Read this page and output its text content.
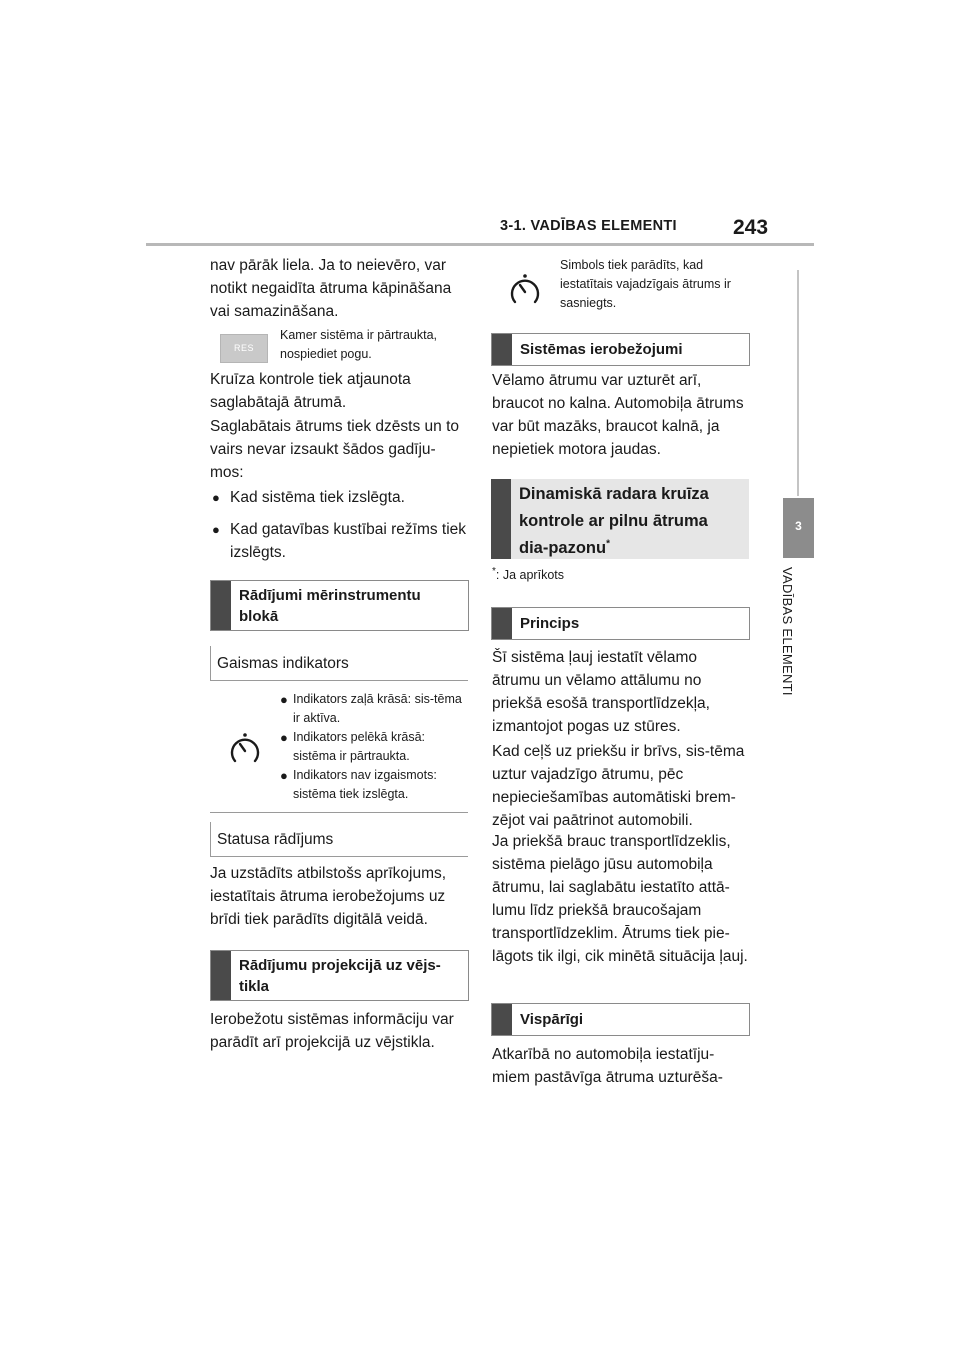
3-1. VADĪBAS ELEMENTI	243
3
VADĪBAS ELEMENTI
nav pārāk liela. Ja to neievēro, var notikt negaidīta ātruma kāpināšana vai samazināšana.
RES
Kamer sistēma ir pārtraukta, nospiediet pogu.
Kruīza kontrole tiek atjaunota saglabātajā ātrumā.
Saglabātais ātrums tiek dzēsts un to vairs nevar izsaukt šādos gadīju-mos:
● Kad sistēma tiek izslēgta.
● Kad gatavības kustībai režīms tiek izslēgts.
Rādījumi mērinstrumentu blokā
Gaismas indikators
● Indikators zaļā krāsā: sis-tēma ir aktīva.
● Indikators pelēkā krāsā: sistēma ir pārtraukta.
● Indikators nav izgaismots: sistēma tiek izslēgta.
Statusa rādījums
Ja uzstādīts atbilstošs aprīkojums, iestatītais ātruma ierobežojums uz brīdi tiek parādīts digitālā veidā.
Rādījumu projekcijā uz vējs-tikla
Ierobežotu sistēmas informāciju var parādīt arī projekcijā uz vējstikla.
Simbols tiek parādīts, kad iestatītais vajadzīgais ātrums ir sasniegts.
Sistēmas ierobežojumi
Vēlamo ātrumu var uzturēt arī, braucot no kalna. Automobiļa ātrums var būt mazāks, braucot kalnā, ja nepietiek motora jaudas.
Dinamiskā radara kruīza kontrole ar pilnu ātruma dia-pazonu*
*: Ja aprīkots
Princips
Šī sistēma ļauj iestatīt vēlamo ātrumu un vēlamo attālumu no priekšā esošā transportlīdzekļa, izmantojot pogas uz stūres.
Kad ceļš uz priekšu ir brīvs, sis-tēma uztur vajadzīgo ātrumu, pēc nepieciešamības automātiski brem-zējot vai paātrinot automobili.
Ja priekšā brauc transportlīdzeklis, sistēma pielāgo jūsu automobiļa ātrumu, lai saglabātu iestatīto attā-lumu līdz priekšā braucošajam transportlīdzeklim. Ātrums tiek pie-lāgots tik ilgi, cik minētā situācija ļauj.
Vispārīgi
Atkarībā no automobiļa iestatīju-miem pastāvīga ātruma uzturēša-
